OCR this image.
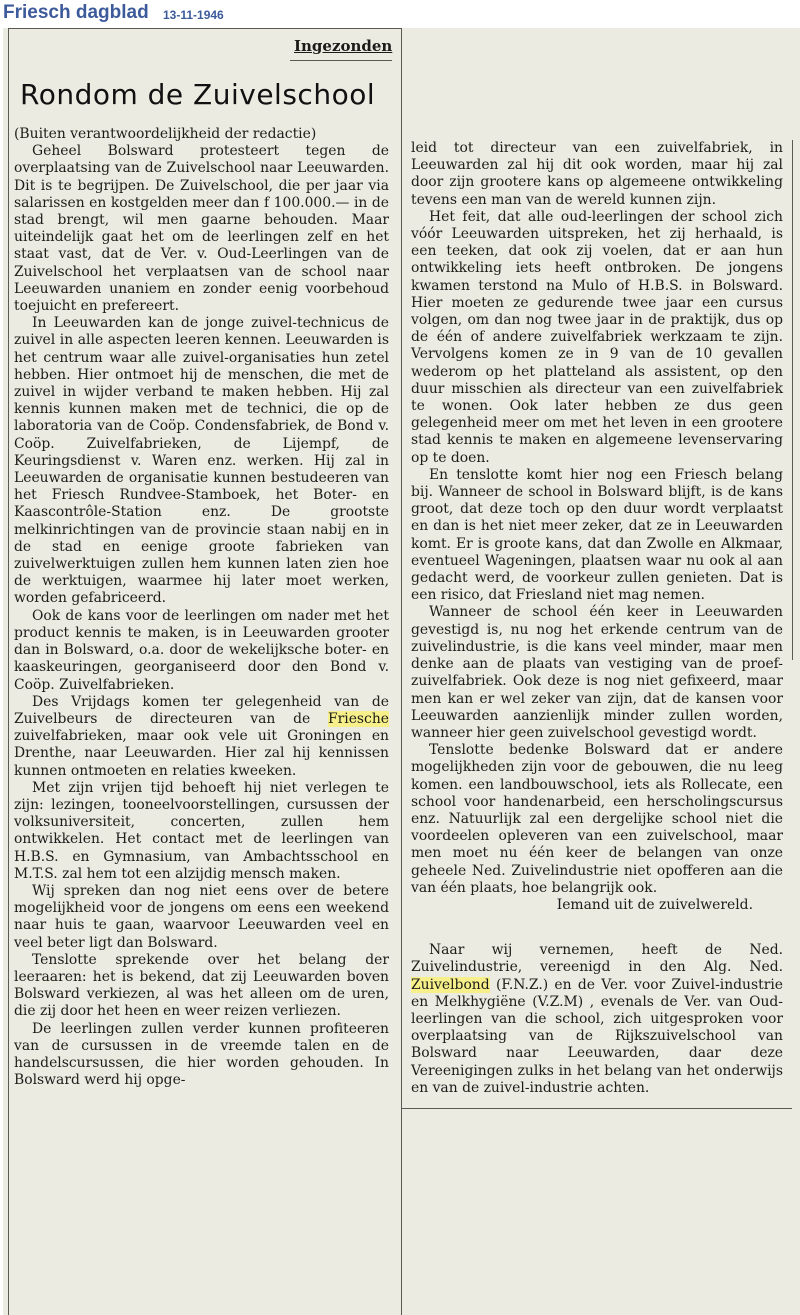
Friesch dagblad 13-11-1946
Ingezonden
Rondom de Zuivelschool

(Buiten verantwoordelijkheid der redactie)

Geheel Bolsward protesteert tegen de overplaatsing van de Zuivelschool naar Leeuwarden. Dit is te begrijpen. De Zuivelschool, die per jaar via salarissen en kostgelden meer dan f 100.000.— in de stad brengt, wil men gaarne behouden. Maar uiteindelijk gaat het om de leerlingen zelf en het staat vast, dat de Ver. v. Oud-Leerlingen van de Zuivelschool het verplaatsen van de school naar Leeuwarden unaniem en zonder eenig voorbehoud toejuicht en prefereert.

In Leeuwarden kan de jonge zuivel-technicus de zuivel in alle aspecten leeren kennen. Leeuwarden is het centrum waar alle zuivel-organisaties hun zetel hebben. Hier ontmoet hij de menschen, die met de zuivel in wijder verband te maken hebben. Hij zal kennis kunnen maken met de technici, die op de laboratoria van de Coöp. Condensfabriek, de Bond v. Coöp. Zuivelfabrieken, de Lijempf, de Keuringsdienst v. Waren enz. werken. Hij zal in Leeuwarden de organisatie kunnen bestudeeren van het Friesch Rundvee-Stamboek, het Boter- en Kaascontrôle-Station enz. De grootste melkinrichtingen van de provincie staan nabij en in de stad en eenige groote fabrieken van zuivelwerktuigen zullen hem kunnen laten zien hoe de werktuigen, waarmee hij later moet werken, worden gefabriceerd.

Ook de kans voor de leerlingen om nader met het product kennis te maken, is in Leeuwarden grooter dan in Bolsward, o.a. door de wekelijksche boter- en kaaskeuringen, georganiseerd door den Bond v. Coöp. Zuivelfabrieken.

Des Vrijdags komen ter gelegenheid van de Zuivelbeurs de directeuren van de Friesche zuivelfabrieken, maar ook vele uit Groningen en Drenthe, naar Leeuwarden. Hier zal hij kennissen kunnen ontmoeten en relaties kweeken.

Met zijn vrijen tijd behoeft hij niet verlegen te zijn: lezingen, tooneelvoorstellingen, cursussen der volksuniversiteit, concerten, zullen hem ontwikkelen. Het contact met de leerlingen van H.B.S. en Gymnasium, van Ambachtsschool en M.T.S. zal hem tot een alzijdig mensch maken.

Wij spreken dan nog niet eens over de betere mogelijkheid voor de jongens om eens een weekend naar huis te gaan, waarvoor Leeuwarden veel en veel beter ligt dan Bolsward.

Tenslotte sprekende over het belang der leeraaren: het is bekend, dat zij Leeuwarden boven Bolsward verkiezen, al was het alleen om de uren, die zij door het heen en weer reizen verliezen.

De leerlingen zullen verder kunnen profiteeren van de cursussen in de vreemde talen en de handelscursussen, die hier worden gehouden. In Bolsward werd hij opge-

leid tot directeur van een zuivelfabriek, in Leeuwarden zal hij dit ook worden, maar hij zal door zijn grootere kans op algemeene ontwikkeling tevens een man van de wereld kunnen zijn.

Het feit, dat alle oud-leerlingen der school zich vóór Leeuwarden uitspreken, het zij herhaald, is een teeken, dat ook zij voelen, dat er aan hun ontwikkeling iets heeft ontbroken. De jongens kwamen terstond na Mulo of H.B.S. in Bolsward. Hier moeten ze gedurende twee jaar een cursus volgen, om dan nog twee jaar in de praktijk, dus op de één of andere zuivelfabriek werkzaam te zijn. Vervolgens komen ze in 9 van de 10 gevallen wederom op het platteland als assistent, op den duur misschien als directeur van een zuivelfabriek te wonen. Ook later hebben ze dus geen gelegenheid meer om met het leven in een grootere stad kennis te maken en algemeene levenservaring op te doen.

En tenslotte komt hier nog een Friesch belang bij. Wanneer de school in Bolsward blijft, is de kans groot, dat deze toch op den duur wordt verplaatst en dan is het niet meer zeker, dat ze in Leeuwarden komt. Er is groote kans, dat dan Zwolle en Alkmaar, eventueel Wageningen, plaatsen waar nu ook al aan gedacht werd, de voorkeur zullen genieten. Dat is een risico, dat Friesland niet mag nemen.

Wanneer de school één keer in Leeuwarden gevestigd is, nu nog het erkende centrum van de zuivelindustrie, is die kans veel minder, maar men denke aan de plaats van vestiging van de proef-zuivelfabriek. Ook deze is nog niet gefixeerd, maar men kan er wel zeker van zijn, dat de kansen voor Leeuwarden aanzienlijk minder zullen worden, wanneer hier geen zuivelschool gevestigd wordt.

Tenslotte bedenke Bolsward dat er andere mogelijkheden zijn voor de gebouwen, die nu leeg komen. een landbouwschool, iets als Rollecate, een school voor handenarbeid, een herscholingscursus enz. Natuurlijk zal een dergelijke school niet die voordeelen opleveren van een zuivelschool, maar men moet nu één keer de belangen van onze geheele Ned. Zuivelindustrie niet opofferen aan die van één plaats, hoe belangrijk ook.

Iemand uit de zuivelwereld.

Naar wij vernemen, heeft de Ned. Zuivelindustrie, vereenigd in den Alg. Ned. Zuivelbond (F.N.Z.) en de Ver. voor Zuivel-industrie en Melkhygiëne (V.Z.M) , evenals de Ver. van Oud-leerlingen van die school, zich uitgesproken voor overplaatsing van de Rijkszuivelschool van Bolsward naar Leeuwarden, daar deze Vereenigingen zulks in het belang van het onderwijs en van de zuivel-industrie achten.
